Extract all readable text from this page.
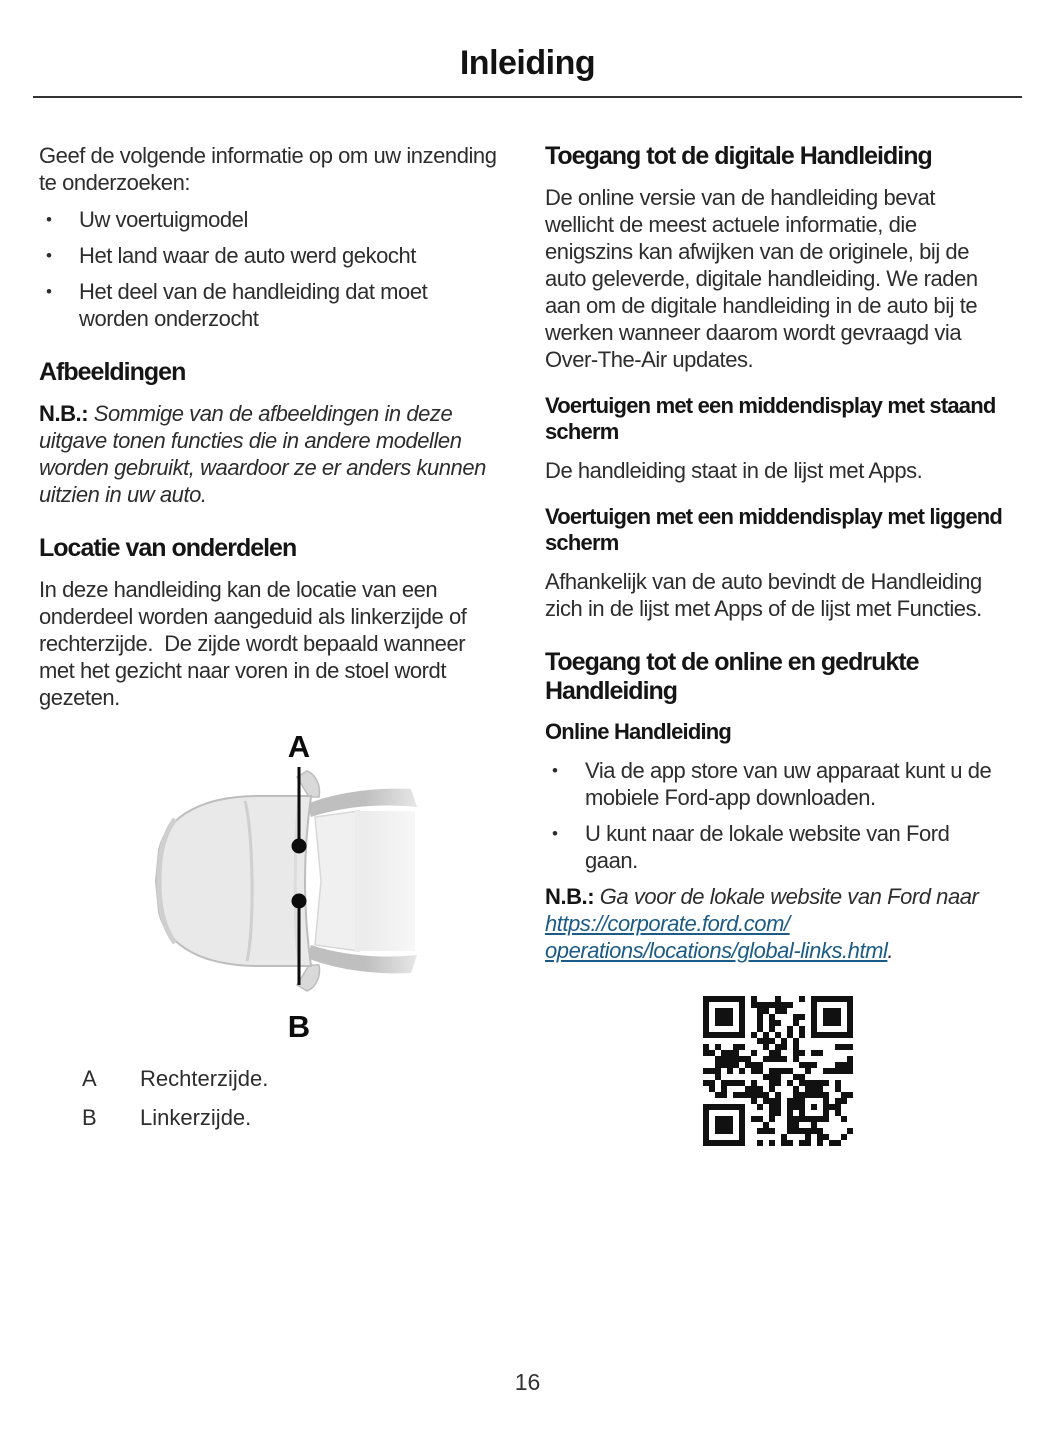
Inleiding

Geef de volgende informatie op om uw inzending te onderzoeken:

• Uw voertuigmodel
• Het land waar de auto werd gekocht
• Het deel van de handleiding dat moet worden onderzocht
Afbeeldingen

N.B.: Sommige van de afbeeldingen in deze uitgave tonen functies die in andere modellen worden gebruikt, waardoor ze er anders kunnen uitzien in uw auto.

Locatie van onderdelen

In deze handleiding kan de locatie van een onderdeel worden aangeduid als linkerzijde of rechterzijde.  De zijde wordt bepaald wanneer met het gezicht naar voren in de stoel wordt gezeten.

A
B
A	Rechterzijde.
B	Linkerzijde.
Toegang tot de digitale Handleiding

De online versie van de handleiding bevat wellicht de meest actuele informatie, die enigszins kan afwijken van de originele, bij de auto geleverde, digitale handleiding. We raden aan om de digitale handleiding in de auto bij te werken wanneer daarom wordt gevraagd via Over-The-Air updates.

Voertuigen met een middendisplay met staand scherm

De handleiding staat in de lijst met Apps.

Voertuigen met een middendisplay met liggend scherm

Afhankelijk van de auto bevindt de Handleiding zich in de lijst met Apps of de lijst met Functies.

Toegang tot de online en gedrukte Handleiding
Online Handleiding
• Via de app store van uw apparaat kunt u de mobiele Ford-app downloaden.
• U kunt naar de lokale website van Ford gaan.

N.B.: Ga voor de lokale website van Ford naar https://corporate.ford.com/operations/locations/global-links.html.

16
